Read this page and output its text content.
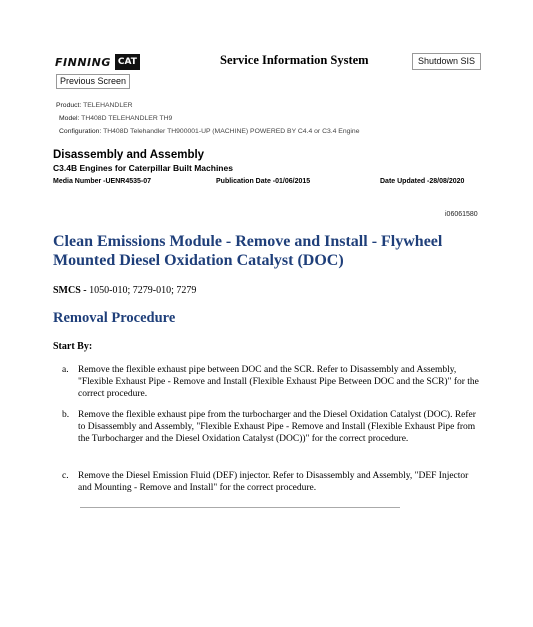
FINNING CAT
Previous Screen
Service Information System	Shutdown SIS
Product: TELEHANDLER
Model: TH408D TELEHANDLER TH9
Configuration: TH408D Telehandler TH900001-UP (MACHINE) POWERED BY C4.4 or C3.4 Engine
Disassembly and Assembly
C3.4B Engines for Caterpillar Built Machines
Media Number -UENR4535-07	Publication Date -01/06/2015	Date Updated -28/08/2020
i06061580
Clean Emissions Module - Remove and Install - Flywheel Mounted Diesel Oxidation Catalyst (DOC)
SMCS - 1050-010; 7279-010; 7279
Removal Procedure
Start By:
a. Remove the flexible exhaust pipe between DOC and the SCR. Refer to Disassembly and Assembly, "Flexible Exhaust Pipe - Remove and Install (Flexible Exhaust Pipe Between DOC and the SCR)" for the correct procedure.
b. Remove the flexible exhaust pipe from the turbocharger and the Diesel Oxidation Catalyst (DOC). Refer to Disassembly and Assembly, "Flexible Exhaust Pipe - Remove and Install (Flexible Exhaust Pipe from the Turbocharger and the Diesel Oxidation Catalyst (DOC))" for the correct procedure.
c. Remove the Diesel Emission Fluid (DEF) injector. Refer to Disassembly and Assembly, "DEF Injector and Mounting - Remove and Install" for the correct procedure.
